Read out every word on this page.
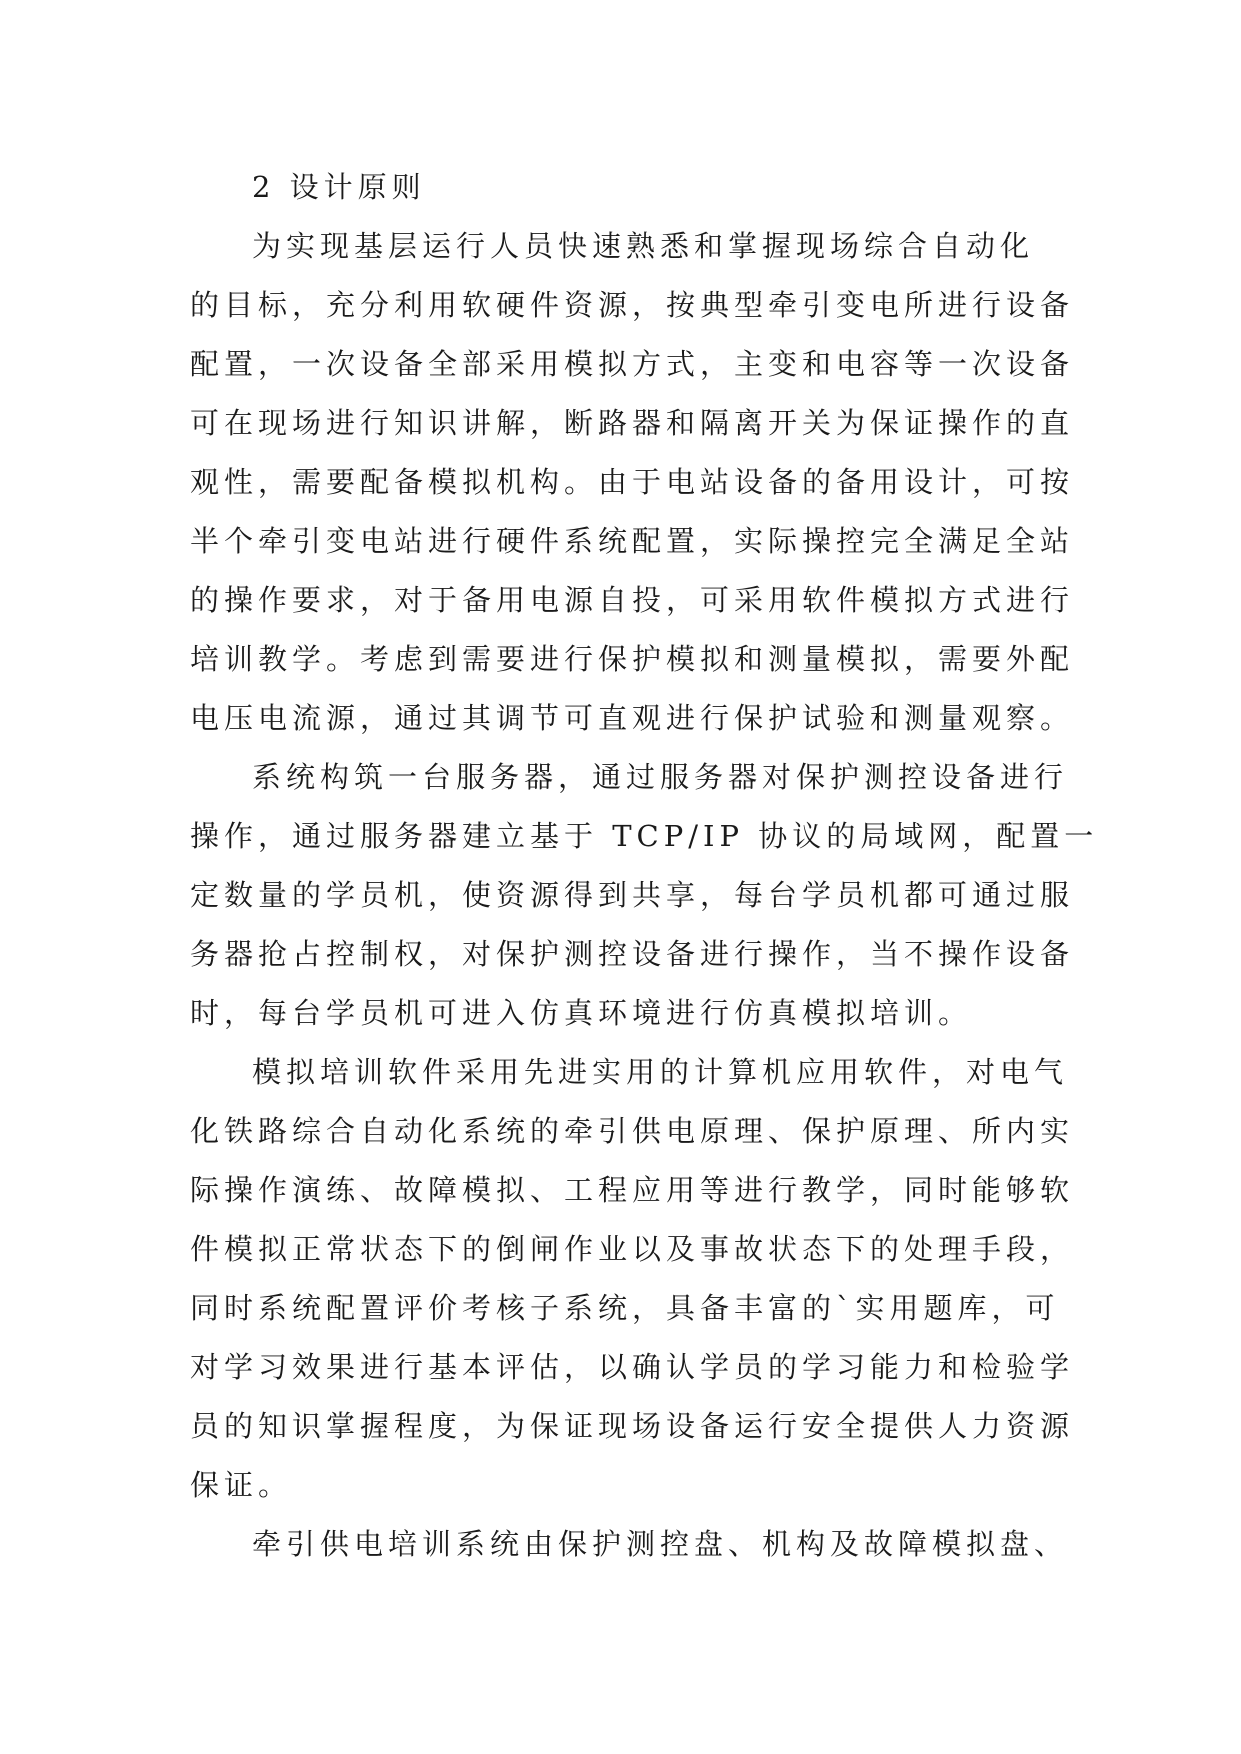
2 设计原则
为实现基层运行人员快速熟悉和掌握现场综合自动化
的目标，充分利用软硬件资源，按典型牵引变电所进行设备
配置，一次设备全部采用模拟方式，主变和电容等一次设备
可在现场进行知识讲解，断路器和隔离开关为保证操作的直
观性，需要配备模拟机构。由于电站设备的备用设计，可按
半个牵引变电站进行硬件系统配置，实际操控完全满足全站
的操作要求，对于备用电源自投，可采用软件模拟方式进行
培训教学。考虑到需要进行保护模拟和测量模拟，需要外配
电压电流源，通过其调节可直观进行保护试验和测量观察。
系统构筑一台服务器，通过服务器对保护测控设备进行
操作，通过服务器建立基于 TCP/IP 协议的局域网，配置一
定数量的学员机，使资源得到共享，每台学员机都可通过服
务器抢占控制权，对保护测控设备进行操作，当不操作设备
时，每台学员机可进入仿真环境进行仿真模拟培训。
模拟培训软件采用先进实用的计算机应用软件，对电气
化铁路综合自动化系统的牵引供电原理、保护原理、所内实
际操作演练、故障模拟、工程应用等进行教学，同时能够软
件模拟正常状态下的倒闸作业以及事故状态下的处理手段，
同时系统配置评价考核子系统，具备丰富的`实用题库，可
对学习效果进行基本评估，以确认学员的学习能力和检验学
员的知识掌握程度，为保证现场设备运行安全提供人力资源
保证。
牵引供电培训系统由保护测控盘、机构及故障模拟盘、
